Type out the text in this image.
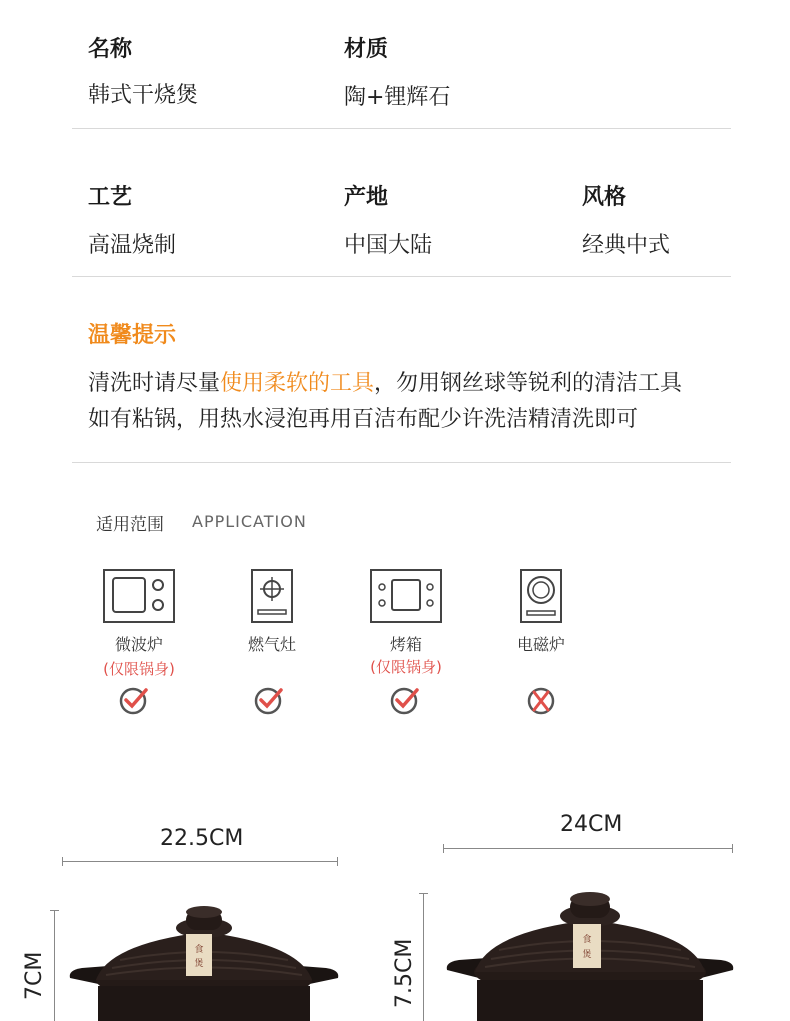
名称
韩式干烧煲
材质
陶+锂辉石
工艺
高温烧制
产地
中国大陆
风格
经典中式
温馨提示
清洗时请尽量使用柔软的工具，勿用钢丝球等锐利的清洁工具
如有粘锅，用热水浸泡再用百洁布配少许洗洁精清洗即可
适用范围 APPLICATION
微波炉
(仅限锅身)
燃气灶	烤箱
(仅限锅身)
电磁炉
22.5CM
7CM
食
煲
24CM
7.5CM	食
煲
